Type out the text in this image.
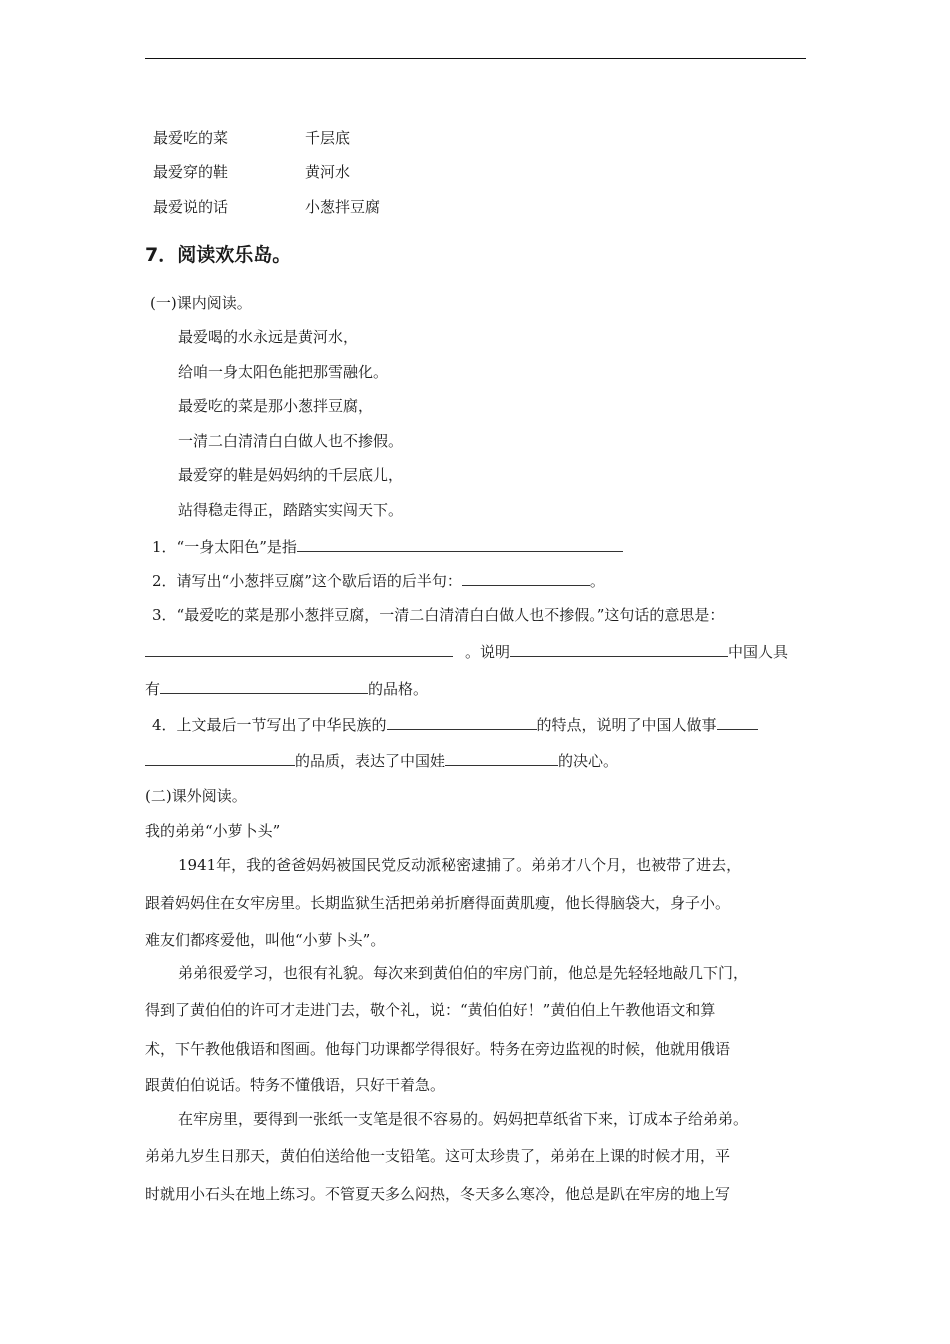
最爱吃的菜	千层底
最爱穿的鞋	黄河水
最爱说的话	小葱拌豆腐
7．阅读欢乐岛。
(一)课内阅读。
最爱喝的水永远是黄河水，
给咱一身太阳色能把那雪融化。
最爱吃的菜是那小葱拌豆腐，
一清二白清清白白做人也不掺假。
最爱穿的鞋是妈妈纳的千层底儿，
站得稳走得正，踏踏实实闯天下。
1．“一身太阳色”是指
2．请写出“小葱拌豆腐”这个歇后语的后半句：	。
3．“最爱吃的菜是那小葱拌豆腐，一清二白清清白白做人也不掺假。”这句话的意思是：
。说明	中国人具
有	的品格。
4．上文最后一节写出了中华民族的	的特点，说明了中国人做事
的品质，表达了中国娃	的决心。
(二)课外阅读。
我的弟弟“小萝卜头”
1941年，我的爸爸妈妈被国民党反动派秘密逮捕了。弟弟才八个月，也被带了进去，
跟着妈妈住在女牢房里。长期监狱生活把弟弟折磨得面黄肌瘦，他长得脑袋大，身子小。
难友们都疼爱他，叫他“小萝卜头”。
弟弟很爱学习，也很有礼貌。每次来到黄伯伯的牢房门前，他总是先轻轻地敲几下门，
得到了黄伯伯的许可才走进门去，敬个礼，说：“黄伯伯好！”黄伯伯上午教他语文和算
术，下午教他俄语和图画。他每门功课都学得很好。特务在旁边监视的时候，他就用俄语
跟黄伯伯说话。特务不懂俄语，只好干着急。
在牢房里，要得到一张纸一支笔是很不容易的。妈妈把草纸省下来，订成本子给弟弟。
弟弟九岁生日那天，黄伯伯送给他一支铅笔。这可太珍贵了，弟弟在上课的时候才用，平
时就用小石头在地上练习。不管夏天多么闷热，冬天多么寒冷，他总是趴在牢房的地上写
